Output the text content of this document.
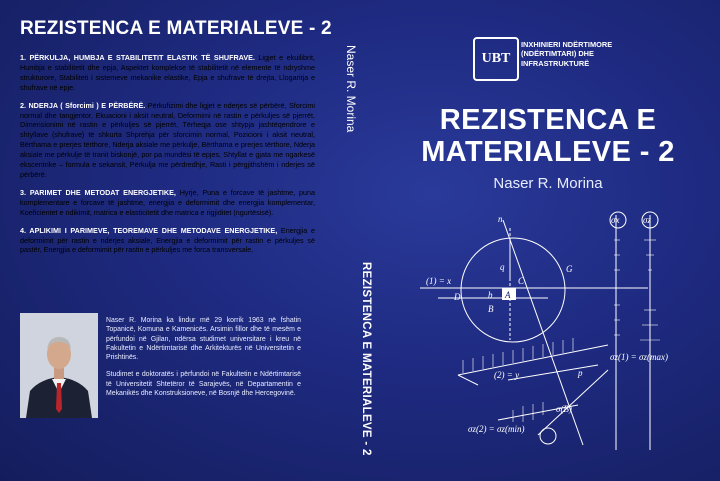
REZISTENCA E MATERIALEVE - 2

1. PËRKULJA, HUMBJA E STABILITETIT ELASTIK TË SHUFRAVE. Ligjet e ekuilibrit, Humbja e stabilitetit dhe epja, Aspektet komplekse të stabilitetit në elemente të ndryshme strukturore, Stabiliteti i sistemeve mekanike elastike, Epja e shufrave të drejta, Llogaritja e shufrave në epje.

2. NDERJA ( Sforcimi ) E PËRBËRË. Përkufizimi dhe ligjet e nderjes së përbërë, Sforcimi normal dhe tangjentor, Ekuacioni i aksit neutral, Deformimi në rastin e përkuljes së pjerrët, Dimensionimi në rastin e përkuljes së pjerrët, Tërheqja ose shtypja jashtëqendrore e shtyllave (shufrave) të shkurta Shprehja për sforcimin normal, Pozicioni i aksit neutral, Bërthama e prerjes tërthore, Nderja aksiale me përkulje, Bërthama e prerjes tërthore, Nderja aksiale me përkulje të tranit biskonjë, por pa mundësi të epjes, Shtyllat e gjata me ngarkesë ekscentrike – formula e sekansit, Përkulja me përdredhje, Rasti i përgjithshëm i nderjes së përbërë.

3. PARIMET DHE METODAT ENERGJETIKE, Hyrje, Puna e forcave të jashtme, puna komplementare e forcave të jashtme, energjia e deformimit dhe energjia komplementar, Koeficientet e ndikimit, matrica e elasticitetit dhe matrica e rigjiditet (ngurtësisë).

4. APLIKIMI I PARIMEVE, TEOREMAVE DHE METODAVE ENERGJETIKE, Energjia e deformimit për rastin e nderjes aksiale, Energjia e deformimit për rastin e përkuljes së pastër, Energjia e deformimit për rastin e përkuljes me forca transversale.

Naser R. Morina ka lindur më 29 korrik 1963 në fshatin Topanicë, Komuna e Kamenicës. Arsimin fillor dhe të mesëm e përfundoi në Gjilan, ndërsa studimet universitare i kreu në Fakultetin e Ndërtimtarisë dhe Arkitekturës në Universitetin e Prishtinës.

Studimet e doktoratës i përfundoi në Fakultetin e Ndërtimtarisë të Universitetit Shtetëror të Sarajevës, në Departamentin e Mekanikës dhe Konstruksioneve, në Bosnjë dhe Hercegovinë.

Naser R. Morina
REZISTENCA E MATERIALEVE - 2
UBT
INXHINIERI NDËRTIMORE (NDËRTIMTARI) DHE INFRASTRUKTURË
REZISTENCA E MATERIALEVE - 2
Naser R. Morina
n
q
C
G
A
B
D	b
(1) = x
(2) = y	p
σx	σz
σz(1) = σz(max)
σz(2) = σz(min)
σ(B)
